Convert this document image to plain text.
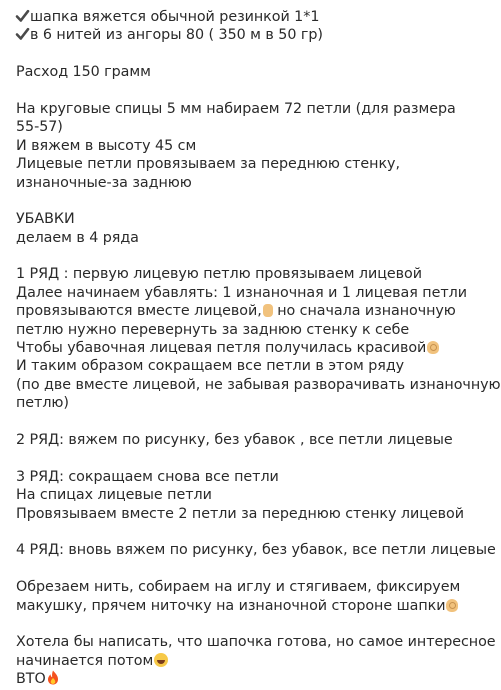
шапка вяжется обычной резинкой 1*1
в 6 нитей из ангоры 80 ( 350 м в 50 гр)
Расход 150 грамм
На круговые спицы 5 мм набираем 72 петли (для размера
55-57)
И вяжем в высоту 45 см
Лицевые петли провязываем за переднюю стенку,
изнаночные-за заднюю
УБАВКИ
делаем в 4 ряда
1 РЯД : первую лицевую петлю провязываем лицевой
Далее начинаем убавлять: 1 изнаночная и 1 лицевая петли
провязываются вместе лицевой, но сначала изнаночную
петлю нужно перевернуть за заднюю стенку к себе
Чтобы убавочная лицевая петля получилась красивой
И таким образом сокращаем все петли в этом ряду
(по две вместе лицевой, не забывая разворачивать изнаночную
петлю)
2 РЯД: вяжем по рисунку, без убавок , все петли лицевые
3 РЯД: сокращаем снова все петли
На спицах лицевые петли
Провязываем вместе 2 петли за переднюю стенку лицевой
4 РЯД: вновь вяжем по рисунку, без убавок, все петли лицевые
Обрезаем нить, собираем на иглу и стягиваем, фиксируем
макушку, прячем ниточку на изнаночной стороне шапки
Хотела бы написать, что шапочка готова, но самое интересное
начинается потом
ВТО
